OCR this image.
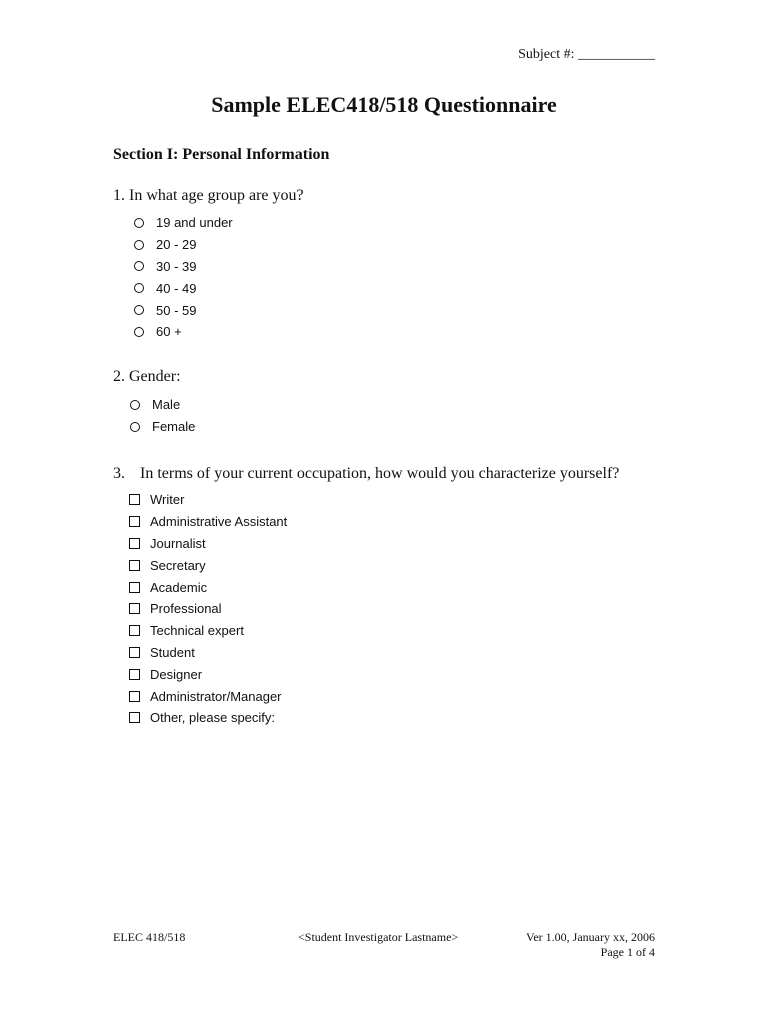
Subject #: ___________
Sample ELEC418/518 Questionnaire
Section I: Personal Information
1. In what age group are you?
19 and under
20 - 29
30 - 39
40 - 49
50 - 59
60 +
2. Gender:
Male
Female
3. In terms of your current occupation, how would you characterize yourself?
Writer
Administrative Assistant
Journalist
Secretary
Academic
Professional
Technical expert
Student
Designer
Administrator/Manager
Other, please specify:
ELEC 418/518	<Student Investigator Lastname>	Ver 1.00, January xx, 2006
Page 1 of 4
